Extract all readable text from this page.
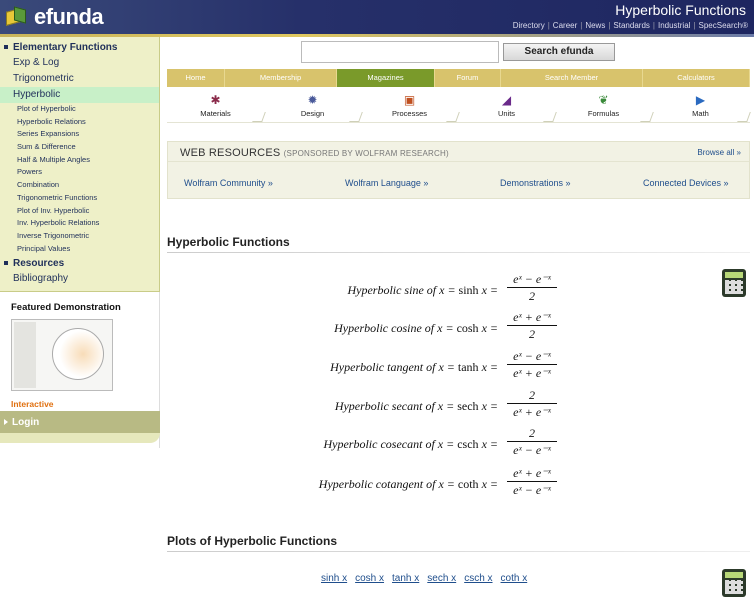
efunda	Hyperbolic Functions
Directory | Career | News | Standards | Industrial | SpecSearch®
Elementary Functions
Exp & Log
Trigonometric
Hyperbolic
Plot of Hyperbolic
Hyperbolic Relations
Series Expansions
Sum & Difference
Half & Multiple Angles
Powers
Combination
Trigonometric Functions
Plot of Inv. Hyperbolic
Inv. Hyperbolic Relations
Inverse Trigonometric
Principal Values
Resources
Bibliography
Featured Demonstration
Interactive
Login
Search efunda
Home	Membership	Magazines	Forum	Search Member	Calculators
✱
Materials
✹
Design
▣
Processes
◢
Units
❦
Formulas
▶
Math
WEB RESOURCES (SPONSORED BY WOLFRAM RESEARCH)	Browse all »
Wolfram Community »	Wolfram Language »	Demonstrations »	Connected Devices »
Hyperbolic Functions
Hyperbolic sine of $x = \sinh x = \frac{\text{eˣ − e⁻ˣ}}{2}$
Hyperbolic cosine of $x = \cosh x = \frac{\text{eˣ + e⁻ˣ}}{2}$
Hyperbolic tangent of $x = \tanh x = \frac{\text{eˣ − e⁻ˣ}}{\text{eˣ + e⁻ˣ}}$
Hyperbolic secant of x = sech $x = \frac{2}{\text{eˣ + e⁻ˣ}}$
Hyperbolic cosecant of x = csch $x = \frac{2}{\text{eˣ − e⁻ˣ}}$
Hyperbolic cotangent of x = coth $x = \frac{\text{eˣ + e⁻ˣ}}{\text{eˣ − e⁻ˣ}}$
Plots of Hyperbolic Functions
sinh x cosh x tanh x sech x csch x coth x
